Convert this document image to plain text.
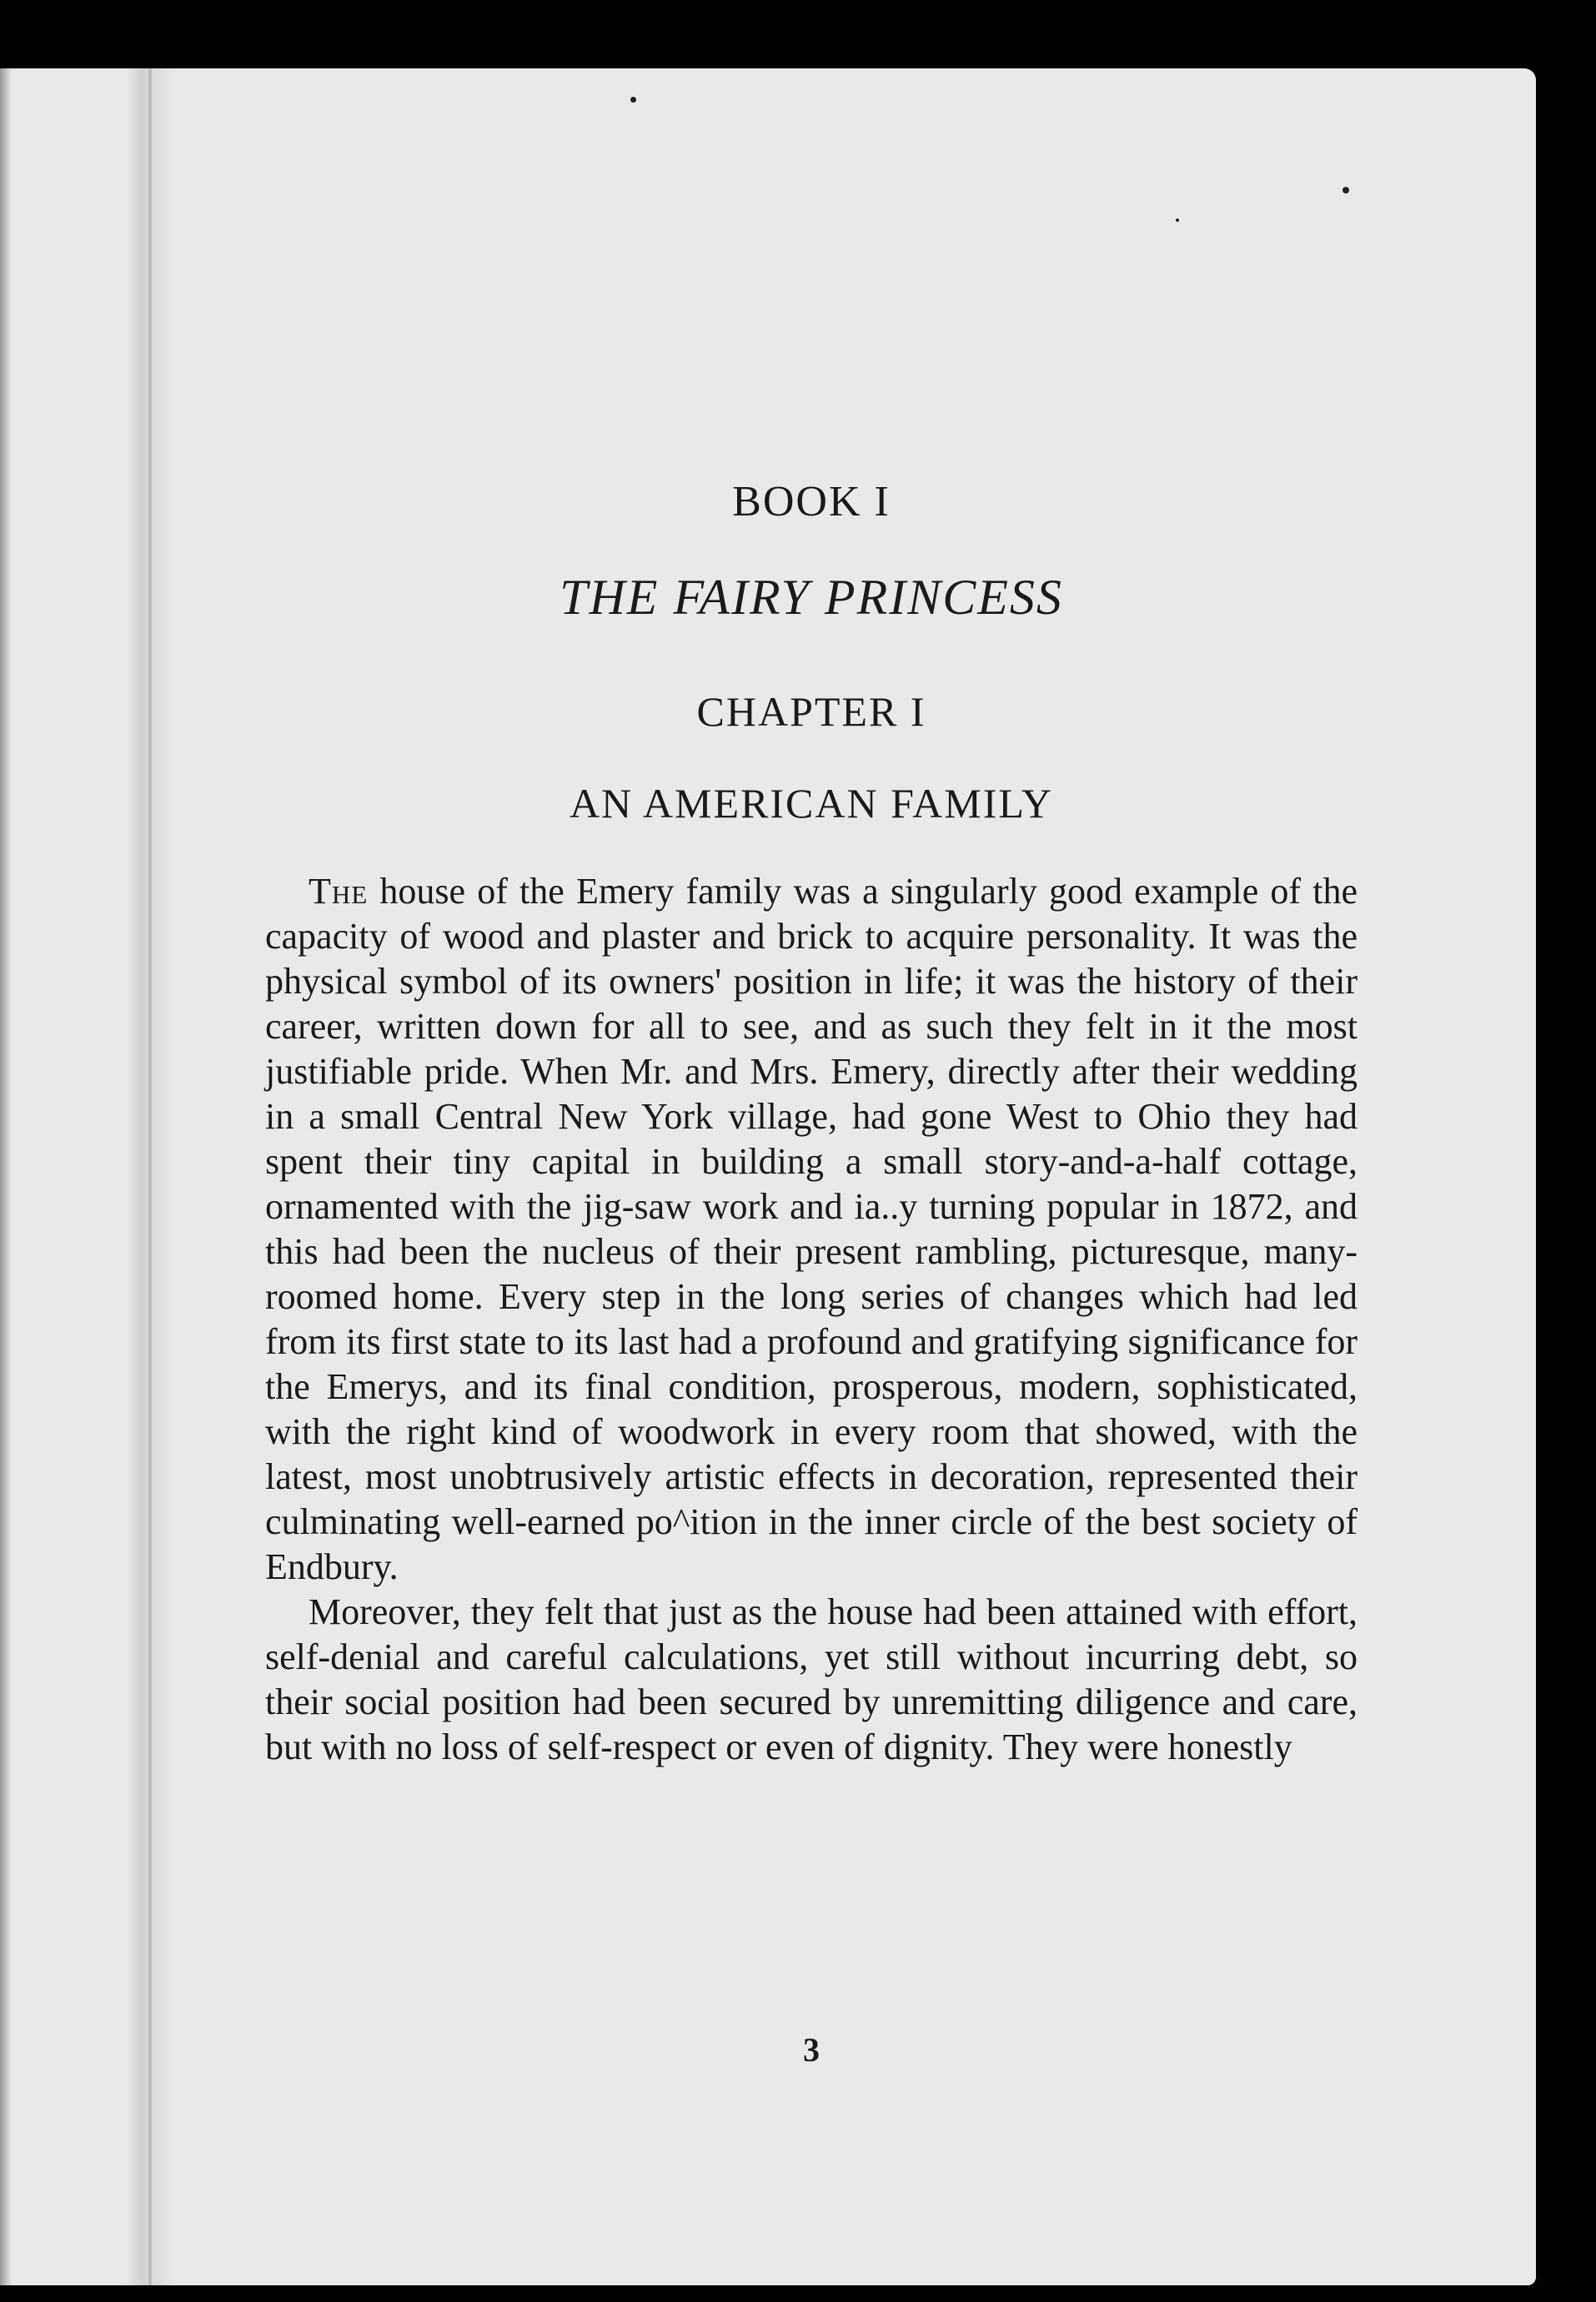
BOOK I
THE FAIRY PRINCESS
CHAPTER I
AN AMERICAN FAMILY

The house of the Emery family was a singularly good example of the capacity of wood and plaster and brick to acquire personality. It was the physical symbol of its owners' position in life; it was the history of their career, written down for all to see, and as such they felt in it the most justifiable pride. When Mr. and Mrs. Emery, directly after their wedding in a small Central New York village, had gone West to Ohio they had spent their tiny capital in building a small story-and-a-half cottage, ornamented with the jig-saw work and ia..y turning popular in 1872, and this had been the nucleus of their present rambling, picturesque, many-roomed home. Every step in the long series of changes which had led from its first state to its last had a profound and gratifying significance for the Emerys, and its final condition, prosperous, modern, sophisticated, with the right kind of woodwork in every room that showed, with the latest, most unobtrusively artistic effects in decoration, represented their culminating well-earned po^ition in the inner circle of the best society of Endbury.

Moreover, they felt that just as the house had been attained with effort, self-denial and careful calculations, yet still without incurring debt, so their social position had been secured by unremitting diligence and care, but with no loss of self-respect or even of dignity. They were honestly

3
